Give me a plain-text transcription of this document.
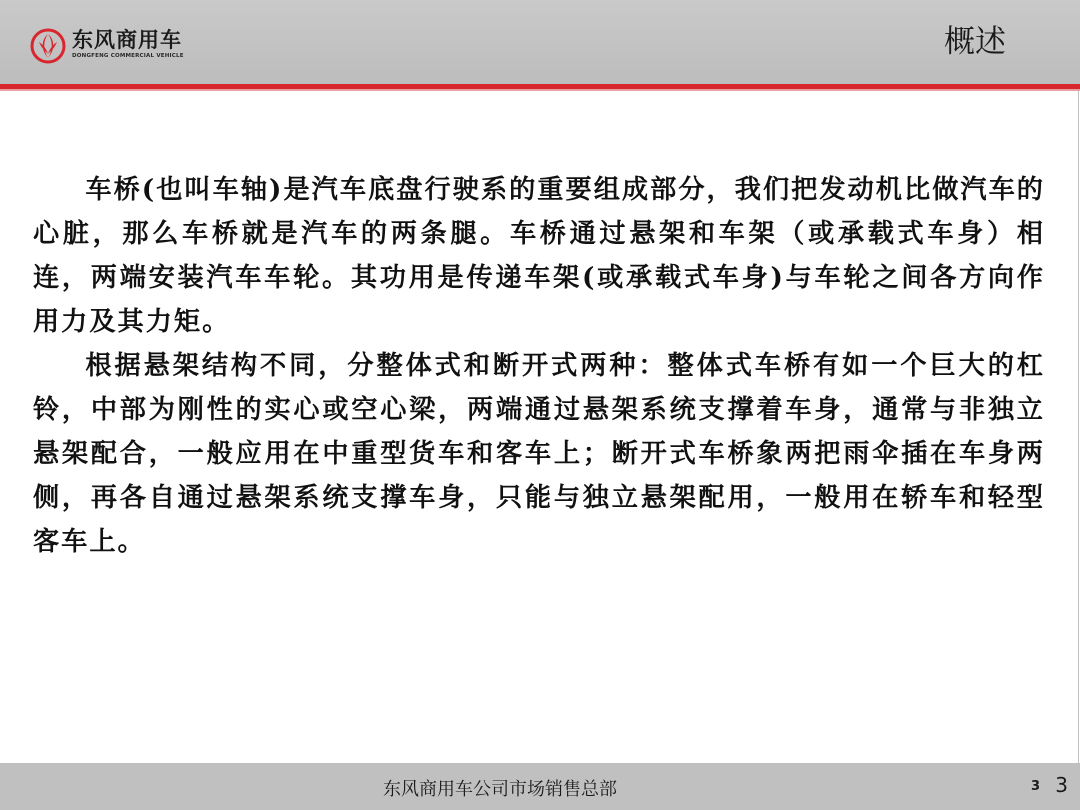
东风商用车
DONGFENG COMMERCIAL VEHICLE	概述

车桥(也叫车轴)是汽车底盘行驶系的重要组成部分，我们把发动机比做汽车的心脏，那么车桥就是汽车的两条腿。车桥通过悬架和车架（或承载式车身）相连，两端安装汽车车轮。其功用是传递车架(或承载式车身)与车轮之间各方向作用力及其力矩。

根据悬架结构不同，分整体式和断开式两种：整体式车桥有如一个巨大的杠铃，中部为刚性的实心或空心梁，两端通过悬架系统支撑着车身，通常与非独立悬架配合，一般应用在中重型货车和客车上；断开式车桥象两把雨伞插在车身两侧，再各自通过悬架系统支撑车身，只能与独立悬架配用，一般用在轿车和轻型客车上。

东风商用车公司市场销售总部	3 3
